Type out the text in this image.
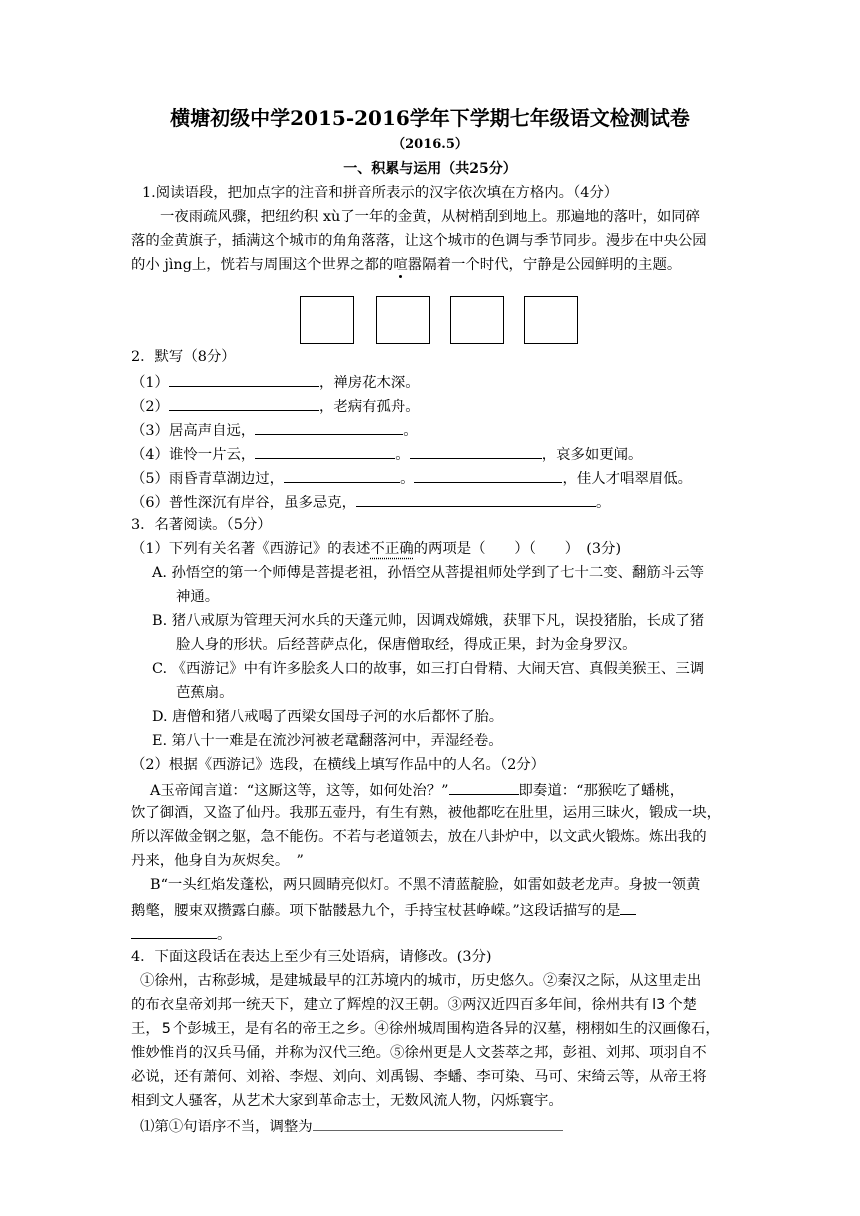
横塘初级中学2015-2016学年下学期七年级语文检测试卷
（2016.5）
一、积累与运用（共25分）
1.阅读语段，把加点字的注音和拼音所表示的汉字依次填在方格内。（4分）
一夜雨疏风骤，把纽约积 xù了一年的金黄，从树梢刮到地上。那遍地的落叶，如同碎
落的金黄旗子，插满这个城市的角角落落，让这个城市的色调与季节同步。漫步在中央公园
的小 jìng上，恍若与周围这个世界之都的喧嚣隔着一个时代，宁静是公园鲜明的主题。
2．默写（8分）
（1）	，禅房花木深。
（2）	，老病有孤舟。
（3）居高声自远，	。
（4）谁怜一片云，	。	，哀多如更闻。
（5）雨昏青草湖边过，	。	，佳人才唱翠眉低。
（6）普性深沉有岸谷，虽多忌克，	。
3．名著阅读。（5分）
（1）下列有关名著《西游记》的表述不正确的两项是（　　）（　　）　(3分)
A. 孙悟空的第一个师傅是菩提老祖，孙悟空从菩提祖师处学到了七十二变、翻筋斗云等
神通。
B. 猪八戒原为管理天河水兵的天蓬元帅，因调戏嫦娥，获罪下凡，误投猪胎，长成了猪
脸人身的形状。后经菩萨点化，保唐僧取经，得成正果，封为金身罗汉。
C. 《西游记》中有许多脍炙人口的故事，如三打白骨精、大闹天宫、真假美猴王、三调
芭蕉扇。
D. 唐僧和猪八戒喝了西梁女国母子河的水后都怀了胎。
E. 第八十一难是在流沙河被老鼋翻落河中，弄湿经卷。
（2）根据《西游记》选段，在横线上填写作品中的人名。（2分）
A玉帝闻言道：“这厮这等，这等，如何处治？”	即奏道：“那猴吃了蟠桃，
饮了御酒，又盗了仙丹。我那五壶丹，有生有熟，被他都吃在肚里，运用三昧火，锻成一块，
所以浑做金钢之躯，急不能伤。不若与老道领去，放在八卦炉中，以文武火锻炼。炼出我的
丹来，他身自为灰烬矣。　”
B“一头红焰发蓬松，两只圆睛亮似灯。不黑不清蓝靛脸，如雷如鼓老龙声。身披一领黄
鹅氅，腰束双攒露白藤。项下骷髅悬九个，手持宝杖甚峥嵘。”这段话描写的是
。
4．下面这段话在表达上至少有三处语病，请修改。(3分)
①徐州，古称彭城，是建城最早的江苏境内的城市，历史悠久。②秦汉之际，从这里走出
的布衣皇帝刘邦一统天下，建立了辉煌的汉王朝。③两汉近四百多年间，徐州共有 l3 个楚
王， 5 个彭城王，是有名的帝王之乡。④徐州城周围构造各异的汉墓，栩栩如生的汉画像石，
惟妙惟肖的汉兵马俑，并称为汉代三绝。⑤徐州更是人文荟萃之邦，彭祖、刘邦、项羽自不
必说，还有萧何、刘裕、李煜、刘向、刘禹锡、李蟠、李可染、马可、宋绮云等，从帝王将
相到文人骚客，从艺术大家到革命志士，无数风流人物，闪烁寰宇。
⑴第①句语序不当，调整为
